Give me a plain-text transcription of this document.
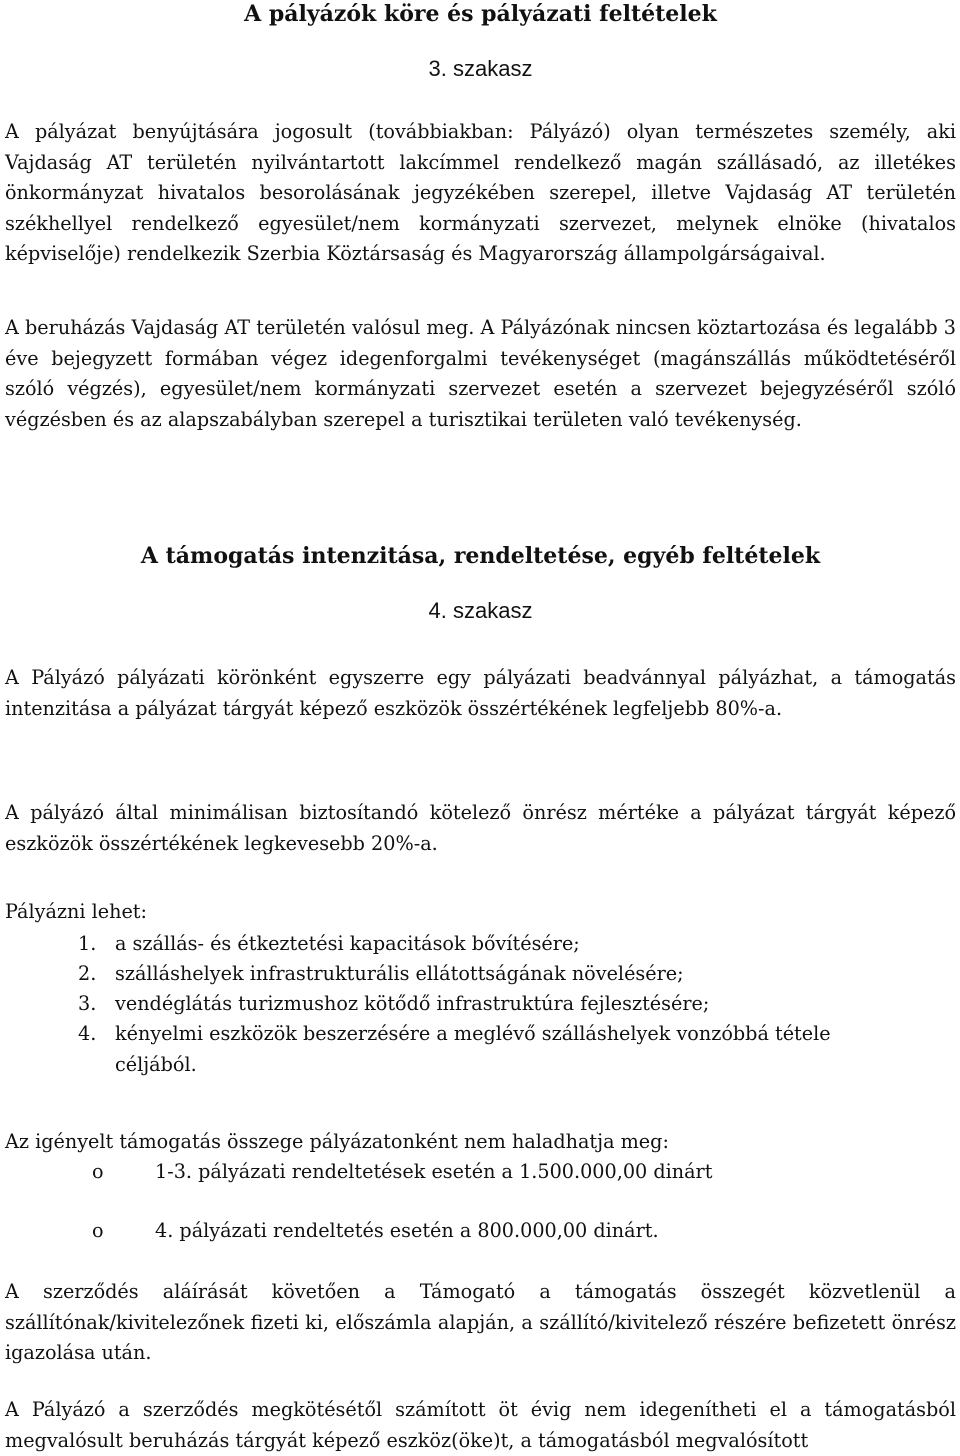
A pályázók köre és pályázati feltételek
3. szakasz
A pályázat benyújtására jogosult (továbbiakban: Pályázó) olyan természetes személy, aki Vajdaság AT területén nyilvántartott lakcímmel rendelkező magán szállásadó, az illetékes önkormányzat hivatalos besorolásának jegyzékében szerepel, illetve Vajdaság AT területén székhellyel rendelkező egyesület/nem kormányzati szervezet, melynek elnöke (hivatalos képviselője) rendelkezik Szerbia Köztársaság és Magyarország állampolgárságaival.
A beruházás Vajdaság AT területén valósul meg. A Pályázónak nincsen köztartozása és legalább 3 éve bejegyzett formában végez idegenforgalmi tevékenységet (magánszállás működtetéséről szóló végzés), egyesület/nem kormányzati szervezet esetén a szervezet bejegyzéséről szóló végzésben és az alapszabályban szerepel a turisztikai területen való tevékenység.
A támogatás intenzitása, rendeltetése, egyéb feltételek
4. szakasz
A Pályázó pályázati körönként egyszerre egy pályázati beadvánnyal pályázhat, a támogatás intenzitása a pályázat tárgyát képező eszközök összértékének legfeljebb 80%-a.
A pályázó által minimálisan biztosítandó kötelező önrész mértéke a pályázat tárgyát képező eszközök összértékének legkevesebb 20%-a.
Pályázni lehet:
1. a szállás- és étkeztetési kapacitások bővítésére;
2. szálláshelyek infrastrukturális ellátottságának növelésére;
3. vendéglátás turizmushoz kötődő infrastruktúra fejlesztésére;
4. kényelmi eszközök beszerzésére a meglévő szálláshelyek vonzóbbá tétele céljából.
Az igényelt támogatás összege pályázatonként nem haladhatja meg:
o	1-3. pályázati rendeltetések esetén a 1.500.000,00 dinárt
o	4. pályázati rendeltetés esetén a 800.000,00 dinárt.
A szerződés aláírását követően a Támogató a támogatás összegét közvetlenül a szállítónak/kivitelezőnek fizeti ki, előszámla alapján, a szállító/kivitelező részére befizetett önrész igazolása után.
A Pályázó a szerződés megkötésétől számított öt évig nem idegenítheti el a támogatásból megvalósult beruházás tárgyát képező eszköz(öke)t, a támogatásból megvalósított
